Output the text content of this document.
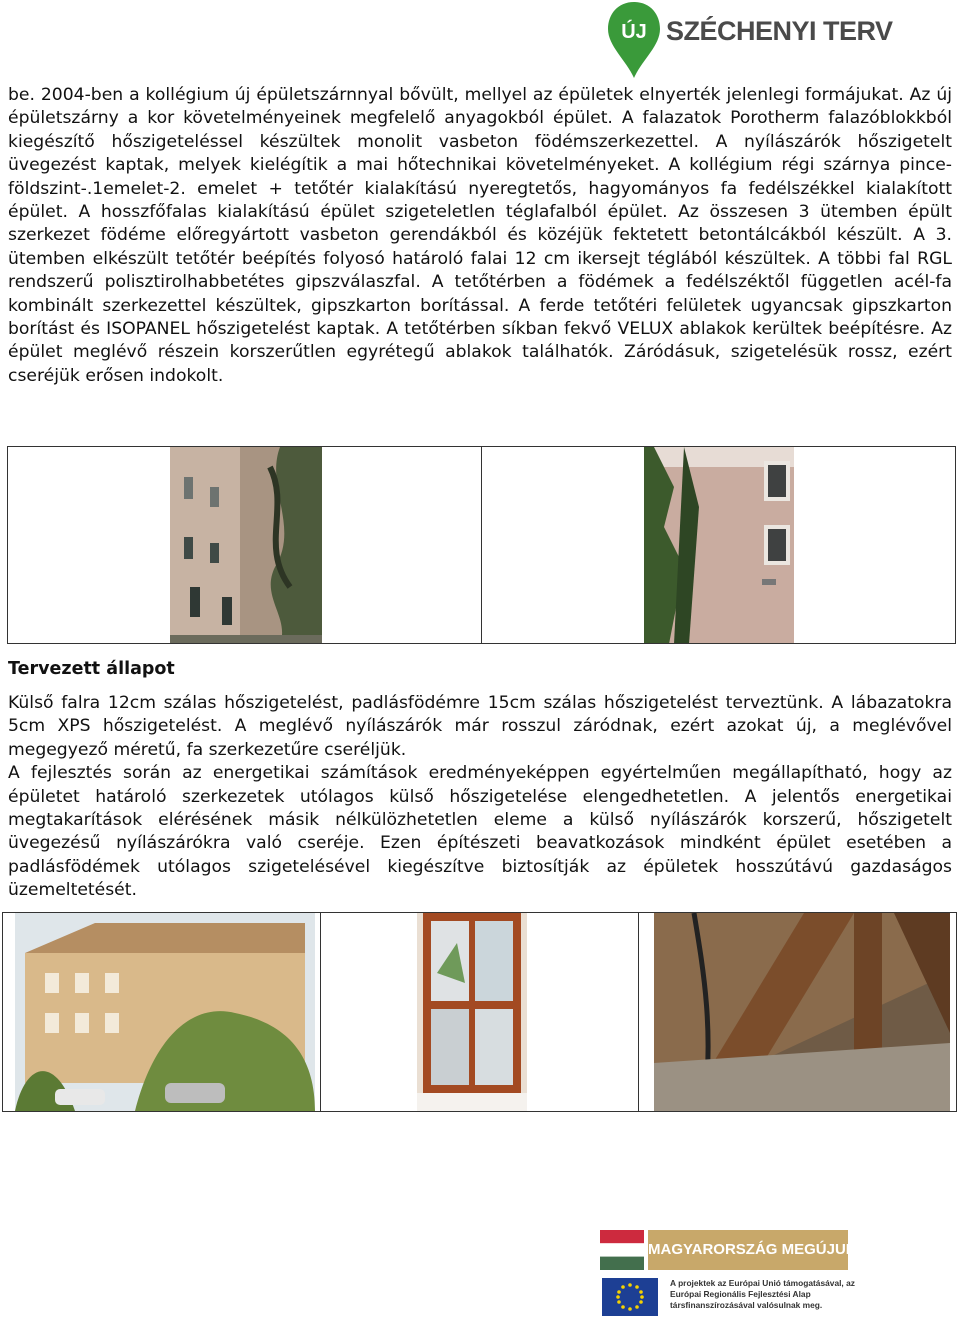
ÚJ SZÉCHENYI TERV

be. 2004-ben a kollégium új épületszárnnyal bővült, mellyel az épületek elnyerték jelenlegi formájukat. Az új épületszárny a kor követelményeinek megfelelő anyagokból épület. A falazatok Porotherm falazóblokkból kiegészítő hőszigeteléssel készültek monolit vasbeton födémszerkezettel. A nyílászárók hőszigetelt üvegezést kaptak, melyek kielégítik a mai hőtechnikai követelményeket. A kollégium régi szárnya pince-földszint-.1emelet-2. emelet + tetőtér kialakítású nyeregtetős, hagyományos fa fedélszékkel kialakított épület. A hosszfőfalas kialakítású épület szigeteletlen téglafalból épület. Az összesen 3 ütemben épült szerkezet födéme előregyártott vasbeton gerendákból és közéjük fektetett betontálcákból készült. A 3. ütemben elkészült tetőtér beépítés folyosó határoló falai 12 cm ikersejt téglából készültek. A többi fal RGL rendszerű polisztirolhabbetétes gipszválaszfal. A tetőtérben a födémek a fedélszéktől független acél-fa kombinált szerkezettel készültek, gipszkarton borítással. A ferde tetőtéri felületek ugyancsak gipszkarton borítást és ISOPANEL hőszigetelést kaptak. A tetőtérben síkban fekvő VELUX ablakok kerültek beépítésre. Az épület meglévő részein korszerűtlen egyrétegű ablakok találhatók. Záródásuk, szigetelésük rossz, ezért cseréjük erősen indokolt.

Tervezett állapot

Külső falra 12cm szálas hőszigetelést, padlásfödémre 15cm szálas hőszigetelést terveztünk. A lábazatokra 5cm XPS hőszigetelést. A meglévő nyílászárók már rosszul záródnak, ezért azokat új, a meglévővel megegyező méretű, fa szerkezetűre cseréljük.

A fejlesztés során az energetikai számítások eredményeképpen egyértelműen megállapítható, hogy az épületet határoló szerkezetek utólagos külső hőszigetelése elengedhetetlen. A jelentős energetikai megtakarítások elérésének másik nélkülözhetetlen eleme a külső nyílászárók korszerű, hőszigetelt üvegezésű nyílászárókra való cseréje. Ezen építészeti beavatkozások mindként épület esetében a padlásfödémek utólagos szigetelésével kiegészítve biztosítják az épületek hosszútávú gazdaságos üzemeltetését.

MAGYARORSZÁG MEGÚJUL
A projektek az Európai Unió támogatásával, az Európai Regionális Fejlesztési Alap társfinanszírozásával valósulnak meg.
